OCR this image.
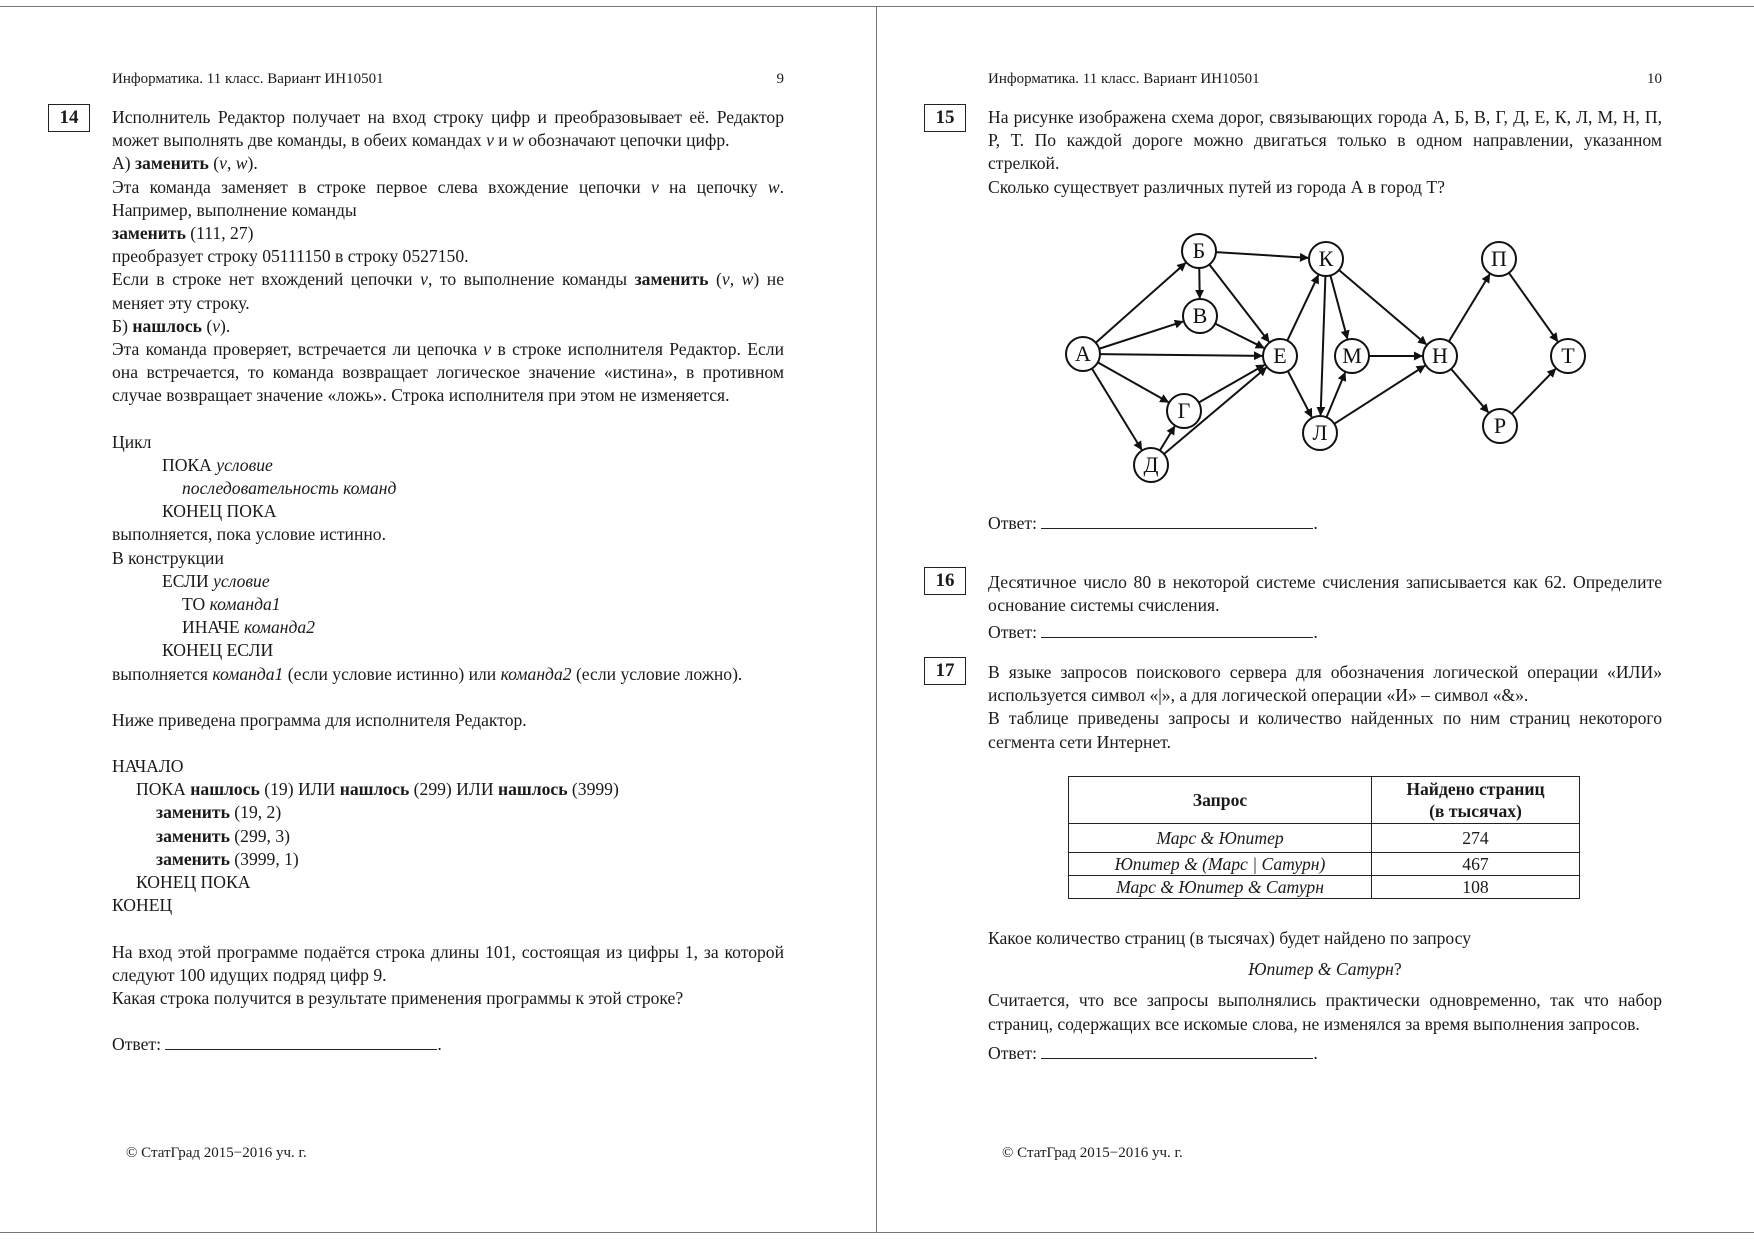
Информатика. 11 класс. Вариант ИН10501	9
14	Исполнитель Редактор получает на вход строку цифр и преобразовывает её. Редактор может выполнять две команды, в обеих командах v и w обозначают цепочки цифр.

А) заменить (v, w).

Эта команда заменяет в строке первое слева вхождение цепочки v на цепочку w. Например, выполнение команды

заменить (111, 27)

преобразует строку 05111150 в строку 0527150.

Если в строке нет вхождений цепочки v, то выполнение команды заменить (v, w) не меняет эту строку.

Б) нашлось (v).

Эта команда проверяет, встречается ли цепочка v в строке исполнителя Редактор. Если она встречается, то команда возвращает логическое значение «истина», в противном случае возвращает значение «ложь». Строка исполнителя при этом не изменяется.

Цикл

ПОКА условие

последовательность команд

КОНЕЦ ПОКА

выполняется, пока условие истинно.

В конструкции

ЕСЛИ условие

ТО команда1

ИНАЧЕ команда2

КОНЕЦ ЕСЛИ

выполняется команда1 (если условие истинно) или команда2 (если условие ложно).

Ниже приведена программа для исполнителя Редактор.

НАЧАЛО

ПОКА нашлось (19) ИЛИ нашлось (299) ИЛИ нашлось (3999)

заменить (19, 2)

заменить (299, 3)

заменить (3999, 1)

КОНЕЦ ПОКА

КОНЕЦ

На вход этой программе подаётся строка длины 101, состоящая из цифры 1, за которой следуют 100 идущих подряд цифр 9.

Какая строка получится в результате применения программы к этой строке?

Ответ:	.

© СтатГрад 2015−2016 уч. г.
Информатика. 11 класс. Вариант ИН10501	10
15	На рисунке изображена схема дорог, связывающих города А, Б, В, Г, Д, Е, К, Л, М, Н, П, Р, Т. По каждой дороге можно двигаться только в одном направлении, указанном стрелкой.

Сколько существует различных путей из города А в город Т?

А
Б
В
Г
Д
Е
К
Л
М	Н
П
Р
Т

Ответ:	.

16	Десятичное число 80 в некоторой системе счисления записывается как 62. Определите основание системы счисления.

Ответ:	.

17	В языке запросов поискового сервера для обозначения логической операции «ИЛИ» используется символ «|», а для логической операции «И» – символ «&».

В таблице приведены запросы и количество найденных по ним страниц некоторого сегмента сети Интернет.

Запрос	Найдено страниц
(в тысячах)
Марс & Юпитер	274
Юпитер & (Марс | Сатурн)	467
Марс & Юпитер & Сатурн	108

Какое количество страниц (в тысячах) будет найдено по запросу

Юпитер & Сатурн?

Считается, что все запросы выполнялись практически одновременно, так что набор страниц, содержащих все искомые слова, не изменялся за время выполнения запросов.

Ответ:	.

© СтатГрад 2015−2016 уч. г.
